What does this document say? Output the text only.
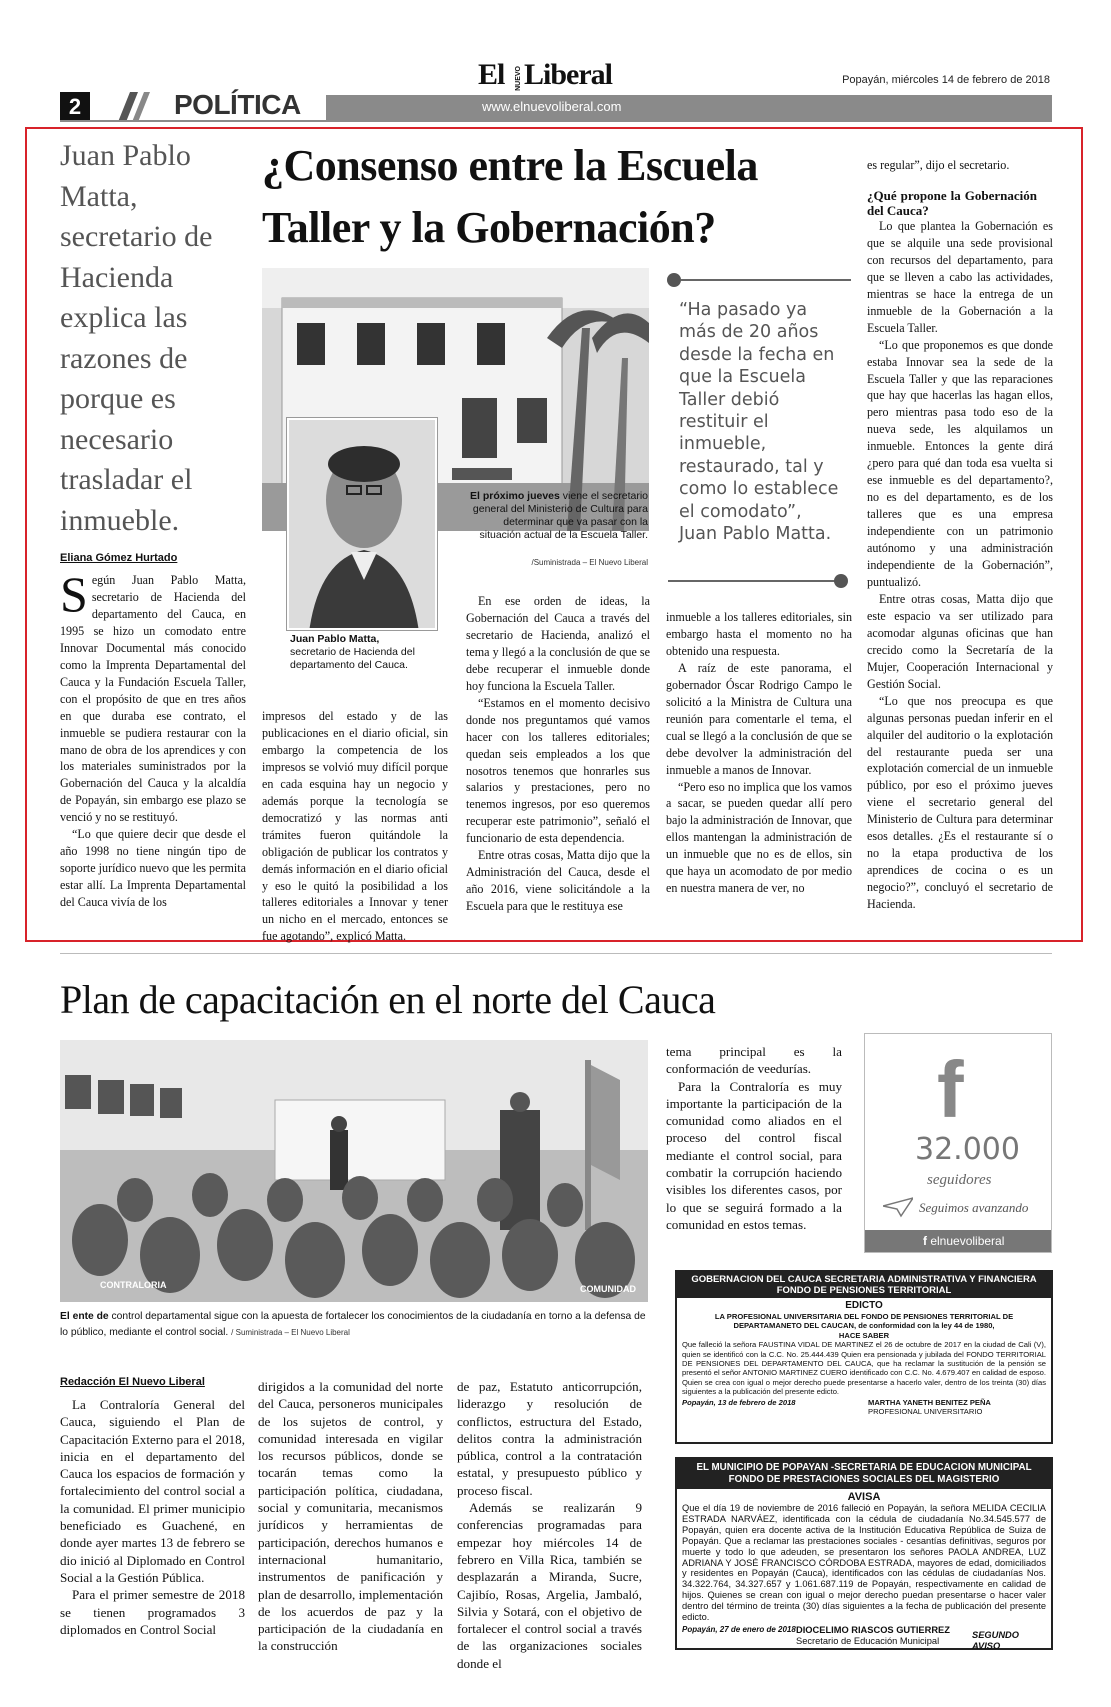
El NUEVO Liberal	Popayán, miércoles 14 de febrero de 2018
2	POLÍTICA	www.elnuevoliberal.com
Juan Pablo Matta, secretario de Hacienda explica las razones de porque es necesario trasladar el inmueble.
¿Consenso entre la Escuela
Taller y la Gobernación?
Juan Pablo Matta,
secretario de Hacienda del departamento del Cauca.
El próximo jueves viene el secretario general del Ministerio de Cultura para determinar que va pasar con la situación actual de la Escuela Taller.
/Suministrada – El Nuevo Liberal
Eliana Gómez Hurtado

Según Juan Pablo Matta, secretario de Hacienda del departamento del Cauca, en 1995 se hizo un comodato entre Innovar Documental más conocido como la Imprenta Departamental del Cauca y la Fundación Escuela Taller, con el propósito de que en tres años en que duraba ese contrato, el inmueble se pudiera restaurar con la mano de obra de los aprendices y con los materiales suministrados por la Gobernación del Cauca y la alcaldía de Popayán, sin embargo ese plazo se venció y no se restituyó.

“Lo que quiere decir que desde el año 1998 no tiene ningún tipo de soporte jurídico nuevo que les permita estar allí. La Imprenta Departamental del Cauca vivía de los

impresos del estado y de las publicaciones en el diario oficial, sin embargo la competencia de los impresos se volvió muy difícil porque en cada esquina hay un negocio y además porque la tecnología se democratizó y las normas anti trámites fueron quitándole la obligación de publicar los contratos y demás información en el diario oficial y eso le quitó la posibilidad a los talleres editoriales a Innovar y tener un nicho en el mercado, entonces se fue agotando”, explicó Matta.

En ese orden de ideas, la Gobernación del Cauca a través del secretario de Hacienda, analizó el tema y llegó a la conclusión de que se debe recuperar el inmueble donde hoy funciona la Escuela Taller.

“Estamos en el momento decisivo donde nos preguntamos qué vamos hacer con los talleres editoriales; quedan seis empleados a los que nosotros tenemos que honrarles sus salarios y prestaciones, pero no tenemos ingresos, por eso queremos recuperar este patrimonio”, señaló el funcionario de esta dependencia.

Entre otras cosas, Matta dijo que la Administración del Cauca, desde el año 2016, viene solicitándole a la Escuela para que le restituya ese

“Ha pasado ya más de 20 años desde la fecha en que la Escuela Taller debió restituir el inmueble, restaurado, tal y como lo establece el comodato”, Juan Pablo Matta.

inmueble a los talleres editoriales, sin embargo hasta el momento no ha obtenido una respuesta.

A raíz de este panorama, el gobernador Óscar Rodrigo Campo le solicitó a la Ministra de Cultura una reunión para comentarle el tema, el cual se llegó a la conclusión de que se debe devolver la administración del inmueble a manos de Innovar.

“Pero eso no implica que los vamos a sacar, se pueden quedar allí pero bajo la administración de Innovar, que ellos mantengan la administración de un inmueble que no es de ellos, sin que haya un acomodato de por medio en nuestra manera de ver, no

es regular”, dijo el secretario.

¿Qué propone la Gobernación del Cauca?

Lo que plantea la Gobernación es que se alquile una sede provisional con recursos del departamento, para que se lleven a cabo las actividades, mientras se hace la entrega de un inmueble de la Gobernación a la Escuela Taller.

“Lo que proponemos es que donde estaba Innovar sea la sede de la Escuela Taller y que las reparaciones que hay que hacerlas las hagan ellos, pero mientras pasa todo eso de la nueva sede, les alquilamos un inmueble. Entonces la gente dirá ¿pero para qué dan toda esa vuelta si ese inmueble es del departamento?, no es del departamento, es de los talleres que es una empresa independiente con un patrimonio autónomo y una administración independiente de la Gobernación”, puntualizó.

Entre otras cosas, Matta dijo que este espacio va ser utilizado para acomodar algunas oficinas que han crecido como la Secretaría de la Mujer, Cooperación Internacional y Gestión Social.

“Lo que nos preocupa es que algunas personas puedan inferir en el alquiler del auditorio o la explotación del restaurante pueda ser una explotación comercial de un inmueble público, por eso el próximo jueves viene el secretario general del Ministerio de Cultura para determinar esos detalles. ¿Es el restaurante sí o no la etapa productiva de los aprendices de cocina o es un negocio?”, concluyó el secretario de Hacienda.

Plan de capacitación en el norte del Cauca
CONTRALORIA	COMUNIDAD
El ente de control departamental sigue con la apuesta de fortalecer los conocimientos de la ciudadanía en torno a la defensa de lo público, mediante el control social. / Suministrada – El Nuevo Liberal
Redacción El Nuevo Liberal

La Contraloría General del Cauca, siguiendo el Plan de Capacitación Externo para el 2018, inicia en el departamento del Cauca los espacios de formación y fortalecimiento del control social a la comunidad. El primer municipio beneficiado es Guachené, en donde ayer martes 13 de febrero se dio inició al Diplomado en Control Social a la Gestión Pública.

Para el primer semestre de 2018 se tienen programados 3 diplomados en Control Social

dirigidos a la comunidad del norte del Cauca, personeros municipales de los sujetos de control, y comunidad interesada en vigilar los recursos públicos, donde se tocarán temas como la participación política, ciudadana, social y comunitaria, mecanismos jurídicos y herramientas de participación, derechos humanos e internacional humanitario, instrumentos de panificación y plan de desarrollo, implementación de los acuerdos de paz y la participación de la ciudadanía en la construcción

de paz, Estatuto anticorrupción, liderazgo y resolución de conflictos, estructura del Estado, delitos contra la administración pública, control a la contratación estatal, y presupuesto público y proceso fiscal.

Además se realizarán 9 conferencias programadas para empezar hoy miércoles 14 de febrero en Villa Rica, también se desplazarán a Miranda, Sucre, Cajibío, Rosas, Argelia, Jambaló, Silvia y Sotará, con el objetivo de fortalecer el control social a través de las organizaciones sociales donde el

tema principal es la conformación de veedurías.

Para la Contraloría es muy importante la participación de la comunidad como aliados en el proceso del control fiscal mediante el control social, para combatir la corrupción haciendo visibles los diferentes casos, por lo que se seguirá formado a la comunidad en estos temas.

f
32.000
seguidores
Seguimos avanzando
f elnuevoliberal
GOBERNACION DEL CAUCA SECRETARIA ADMINISTRATIVA Y FINANCIERA
FONDO DE PENSIONES TERRITORIAL
EDICTO
LA PROFESIONAL UNIVERSITARIA DEL FONDO DE PENSIONES TERRITORIAL DE DEPARTAMANETO DEL CAUCAN, de conformidad con la ley 44 de 1980,
HACE SABER
Que falleció la señora FAUSTINA VIDAL DE MARTINEZ el 26 de octubre de 2017 en la ciudad de Cali (V), quien se identificó con la C.C. No. 25.444.439 Quien era pensionada y jubilada del FONDO TERRITORIAL DE PENSIONES DEL DEPARTAMENTO DEL CAUCA, que ha reclamar la sustitución de la pensión se presentó el señor ANTONIO MARTINEZ CUERO identificado con C.C. No. 4.679.407 en calidad de esposo. Quien se crea con igual o mejor derecho puede presentarse a hacerlo valer, dentro de los treinta (30) días siguientes a la publicación del presente edicto.
Popayán, 13 de febrero de 2018	MARTHA YANETH BENITEZ PEÑA
PROFESIONAL UNIVERSITARIO
EL MUNICIPIO DE POPAYAN -SECRETARIA DE EDUCACION MUNICIPAL
FONDO DE PRESTACIONES SOCIALES DEL MAGISTERIO
AVISA
Que el día 19 de noviembre de 2016 falleció en Popayán, la señora MELIDA CECILIA ESTRADA NARVÁEZ, identificada con la cédula de ciudadanía No.34.545.577 de Popayán, quien era docente activa de la Institución Educativa República de Suiza de Popayán. Que a reclamar las prestaciones sociales - cesantías definitivas, seguros por muerte y todo lo que adeuden, se presentaron los señores PAOLA ANDREA, LUZ ADRIANA Y JOSÉ FRANCISCO CÓRDOBA ESTRADA, mayores de edad, domiciliados y residentes en Popayán (Cauca), identificados con las cédulas de ciudadanías Nos. 34.322.764, 34.327.657 y 1.061.687.119 de Popayán, respectivamente en calidad de hijos. Quienes se crean con igual o mejor derecho puedan presentarse o hacer valer dentro del término de treinta (30) días siguientes a la fecha de publicación del presente edicto.
Popayán, 27 de enero de 2018 DIOCELIMO RIASCOS GUTIERREZ
Secretario de Educación Municipal
SEGUNDO AVISO
